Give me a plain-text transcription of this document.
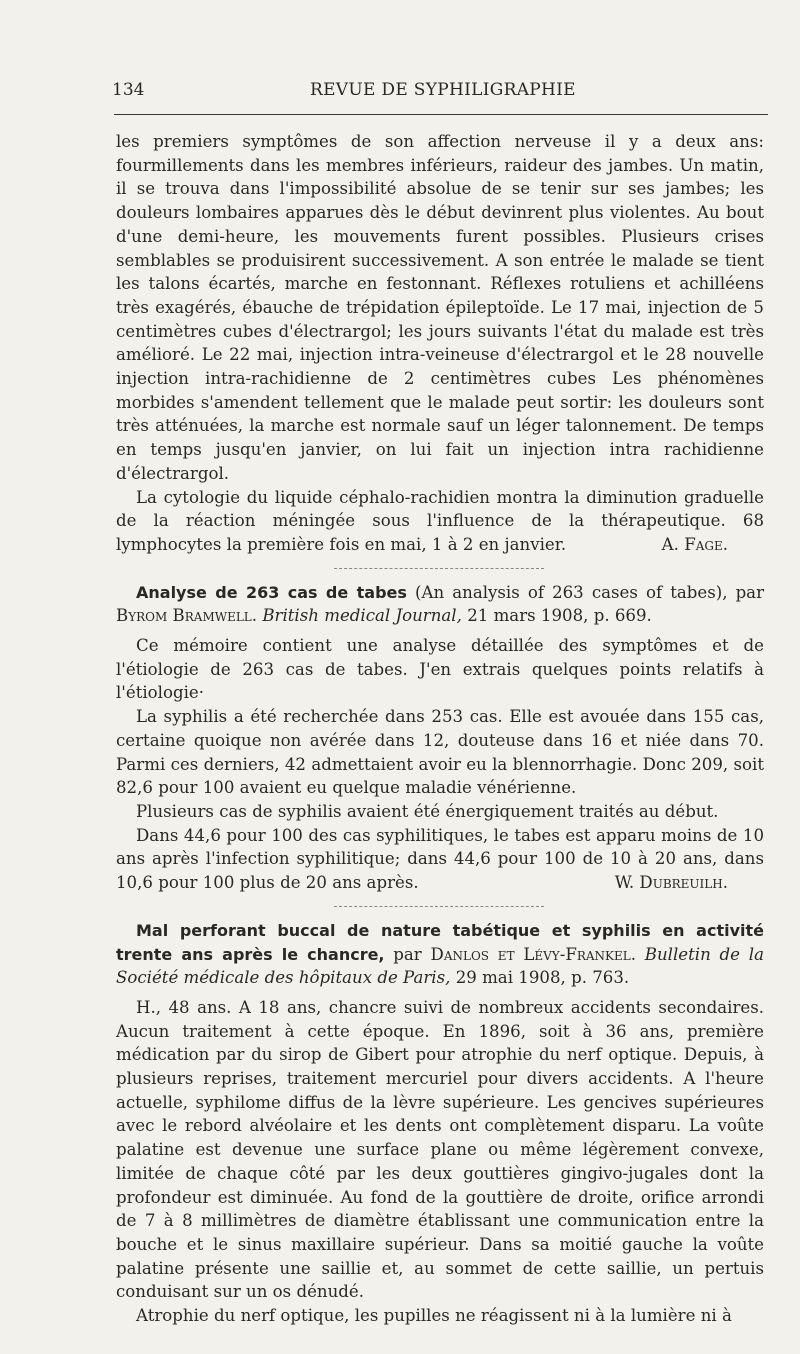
134	REVUE DE SYPHILIGRAPHIE

les premiers symptômes de son affection nerveuse il y a deux ans: fourmillements dans les membres inférieurs, raideur des jambes. Un matin, il se trouva dans l'impossibilité absolue de se tenir sur ses jambes; les douleurs lombaires apparues dès le début devinrent plus violentes. Au bout d'une demi-heure, les mouvements furent possibles. Plusieurs crises semblables se produisirent successivement. A son entrée le malade se tient les talons écartés, marche en festonnant. Réflexes rotuliens et achilléens très exagérés, ébauche de trépidation épileptoïde. Le 17 mai, injection de 5 centimètres cubes d'électrargol; les jours suivants l'état du malade est très amélioré. Le 22 mai, injection intra-veineuse d'électrargol et le 28 nouvelle injection intra-rachidienne de 2 centimètres cubes Les phénomènes morbides s'amendent tellement que le malade peut sortir: les douleurs sont très atténuées, la marche est normale sauf un léger talonnement. De temps en temps jusqu'en janvier, on lui fait un injection intra rachidienne d'électrargol.

La cytologie du liquide céphalo-rachidien montra la diminution graduelle de la réaction méningée sous l'influence de la thérapeutique. 68 lymphocytes la première fois en mai, 1 à 2 en janvier.	A. Fage.

Analyse de 263 cas de tabes (An analysis of 263 cases of tabes), par Byrom Bramwell. British medical Journal, 21 mars 1908, p. 669.

Ce mémoire contient une analyse détaillée des symptômes et de l'étiologie de 263 cas de tabes. J'en extrais quelques points relatifs à l'étiologie·

La syphilis a été recherchée dans 253 cas. Elle est avouée dans 155 cas, certaine quoique non avérée dans 12, douteuse dans 16 et niée dans 70. Parmi ces derniers, 42 admettaient avoir eu la blennorrhagie. Donc 209, soit 82,6 pour 100 avaient eu quelque maladie vénérienne.

Plusieurs cas de syphilis avaient été énergiquement traités au début.

Dans 44,6 pour 100 des cas syphilitiques, le tabes est apparu moins de 10 ans après l'infection syphilitique; dans 44,6 pour 100 de 10 à 20 ans, dans 10,6 pour 100 plus de 20 ans après.	W. Dubreuilh.

Mal perforant buccal de nature tabétique et syphilis en activité trente ans après le chancre, par Danlos et Lévy-Frankel. Bulletin de la Société médicale des hôpitaux de Paris, 29 mai 1908, p. 763.

H., 48 ans. A 18 ans, chancre suivi de nombreux accidents secondaires. Aucun traitement à cette époque. En 1896, soit à 36 ans, première médication par du sirop de Gibert pour atrophie du nerf optique. Depuis, à plusieurs reprises, traitement mercuriel pour divers accidents. A l'heure actuelle, syphilome diffus de la lèvre supérieure. Les gencives supérieures avec le rebord alvéolaire et les dents ont complètement disparu. La voûte palatine est devenue une surface plane ou même légèrement convexe, limitée de chaque côté par les deux gouttières gingivo-jugales dont la profondeur est diminuée. Au fond de la gouttière de droite, orifice arrondi de 7 à 8 millimètres de diamètre établissant une communication entre la bouche et le sinus maxillaire supérieur. Dans sa moitié gauche la voûte palatine présente une saillie et, au sommet de cette saillie, un pertuis conduisant sur un os dénudé.

Atrophie du nerf optique, les pupilles ne réagissent ni à la lumière ni à
